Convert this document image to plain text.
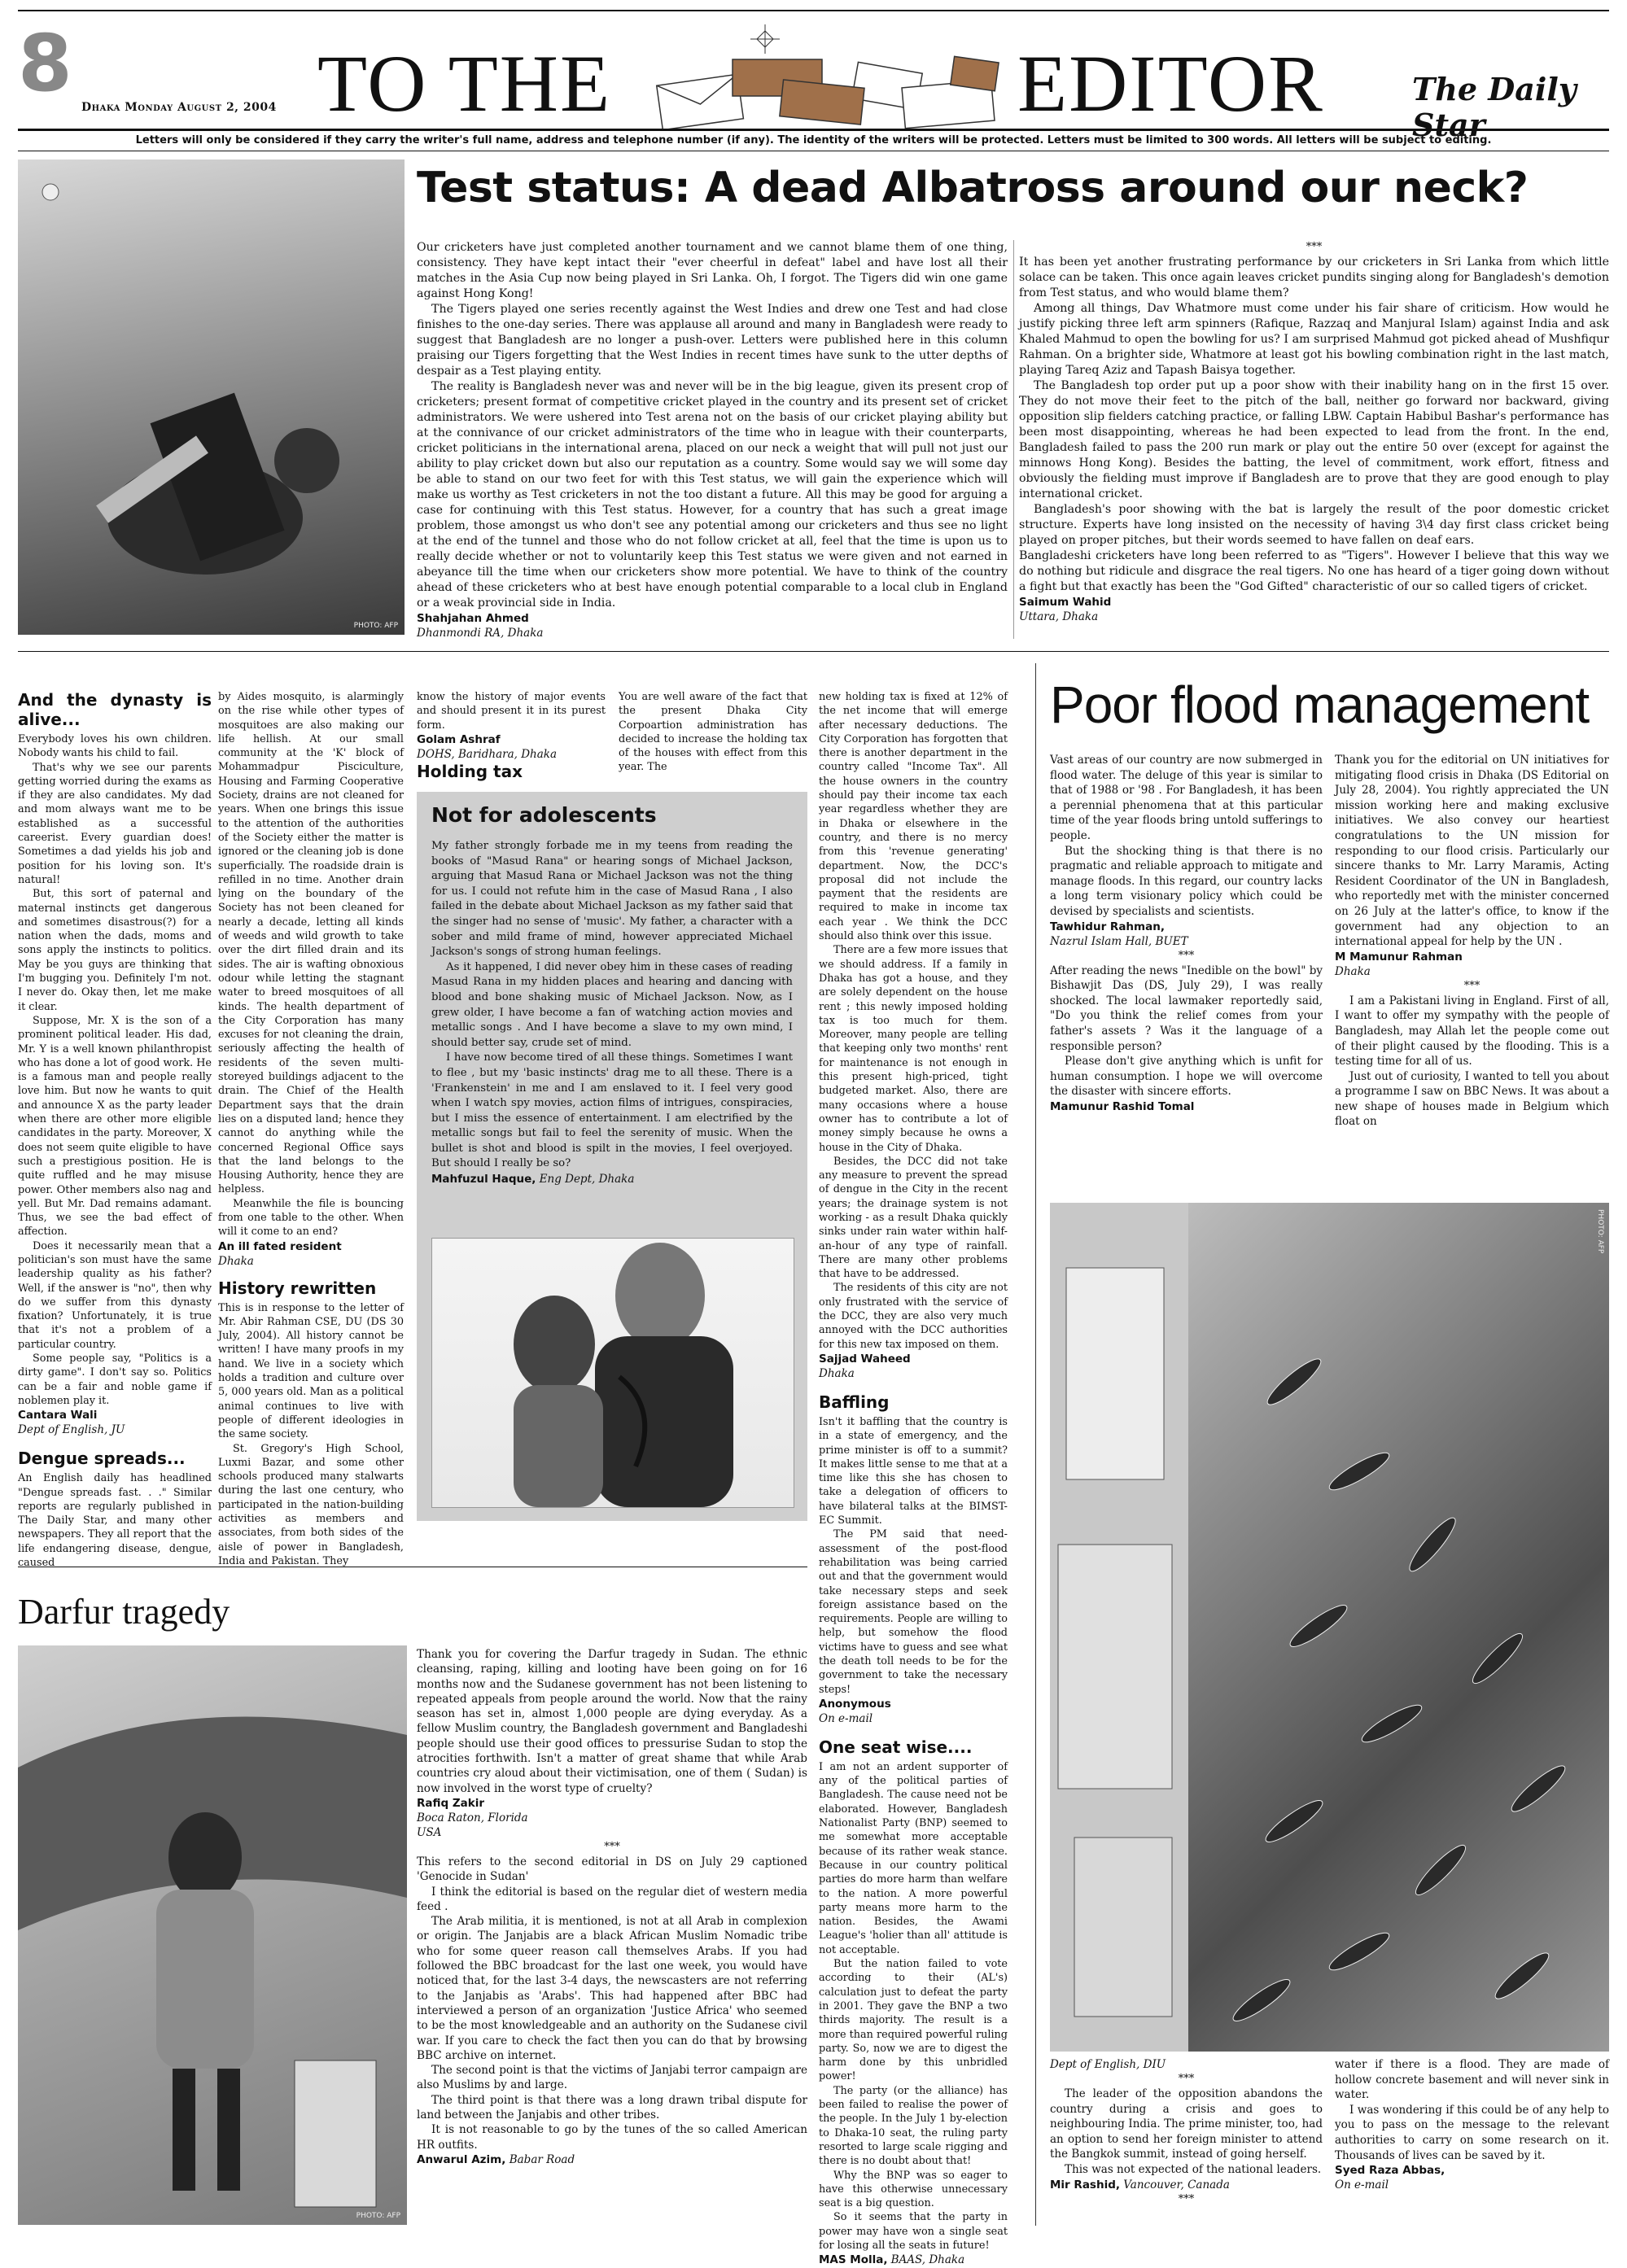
8 Dhaka Monday August 2, 2004 TO THE	EDITOR	The Daily Star
Letters will only be considered if they carry the writer's full name, address and telephone number (if any). The identity of the writers will be protected. Letters must be limited to 300 words. All letters will be subject to editing.
PHOTO: AFP
Test status: A dead Albatross around our neck?

Our cricketers have just completed another tournament and we cannot blame them of one thing, consistency. They have kept intact their "ever cheerful in defeat" label and have lost all their matches in the Asia Cup now being played in Sri Lanka. Oh, I forgot. The Tigers did win one game against Hong Kong!

The Tigers played one series recently against the West Indies and drew one Test and had close finishes to the one-day series. There was applause all around and many in Bangladesh were ready to suggest that Bangladesh are no longer a push-over. Letters were published here in this column praising our Tigers forgetting that the West Indies in recent times have sunk to the utter depths of despair as a Test playing entity.

The reality is Bangladesh never was and never will be in the big league, given its present crop of cricketers; present format of competitive cricket played in the country and its present set of cricket administrators. We were ushered into Test arena not on the basis of our cricket playing ability but at the connivance of our cricket administrators of the time who in league with their counterparts, cricket politicians in the international arena, placed on our neck a weight that will pull not just our ability to play cricket down but also our reputation as a country. Some would say we will some day be able to stand on our two feet for with this Test status, we will gain the experience which will make us worthy as Test cricketers in not the too distant a future. All this may be good for arguing a case for continuing with this Test status. However, for a country that has such a great image problem, those amongst us who don't see any potential among our cricketers and thus see no light at the end of the tunnel and those who do not follow cricket at all, feel that the time is upon us to really decide whether or not to voluntarily keep this Test status we were given and not earned in abeyance till the time when our cricketers show more potential. We have to think of the country ahead of these cricketers who at best have enough potential comparable to a local club in England or a weak provincial side in India.

Shahjahan Ahmed
Dhanmondi RA, Dhaka
***

It has been yet another frustrating performance by our cricketers in Sri Lanka from which little solace can be taken. This once again leaves cricket pundits singing along for Bangladesh's demotion from Test status, and who would blame them?

Among all things, Dav Whatmore must come under his fair share of criticism. How would he justify picking three left arm spinners (Rafique, Razzaq and Manjural Islam) against India and ask Khaled Mahmud to open the bowling for us? I am surprised Mahmud got picked ahead of Mushfiqur Rahman. On a brighter side, Whatmore at least got his bowling combination right in the last match, playing Tareq Aziz and Tapash Baisya together.

The Bangladesh top order put up a poor show with their inability hang on in the first 15 over. They do not move their feet to the pitch of the ball, neither go forward nor backward, giving opposition slip fielders catching practice, or falling LBW. Captain Habibul Bashar's performance has been most disappointing, whereas he had been expected to lead from the front. In the end, Bangladesh failed to pass the 200 run mark or play out the entire 50 over (except for against the minnows Hong Kong). Besides the batting, the level of commitment, work effort, fitness and obviously the fielding must improve if Bangladesh are to prove that they are good enough to play international cricket.

Bangladesh's poor showing with the bat is largely the result of the poor domestic cricket structure. Experts have long insisted on the necessity of having 3\4 day first class cricket being played on proper pitches, but their words seemed to have fallen on deaf ears.

Bangladeshi cricketers have long been referred to as "Tigers". However I believe that this way we do nothing but ridicule and disgrace the real tigers. No one has heard of a tiger going down without a fight but that exactly has been the "God Gifted" characteristic of our so called tigers of cricket.

Saimum Wahid
Uttara, Dhaka
And the dynasty is alive...

Everybody loves his own children. Nobody wants his child to fail.

That's why we see our parents getting worried during the exams as if they are also candidates. My dad and mom always want me to be established as a successful careerist. Every guardian does! Sometimes a dad yields his job and position for his loving son. It's natural!

But, this sort of paternal and maternal instincts get dangerous and sometimes disastrous(?) for a nation when the dads, moms and sons apply the instincts to politics. May be you guys are thinking that I'm bugging you. Definitely I'm not. I never do. Okay then, let me make it clear.

Suppose, Mr. X is the son of a prominent political leader. His dad, Mr. Y is a well known philanthropist who has done a lot of good work. He is a famous man and people really love him. But now he wants to quit and announce X as the party leader when there are other more eligible candidates in the party. Moreover, X does not seem quite eligible to have such a prestigious position. He is quite ruffled and he may misuse power. Other members also nag and yell. But Mr. Dad remains adamant. Thus, we see the bad effect of affection.

Does it necessarily mean that a politician's son must have the same leadership quality as his father? Well, if the answer is "no", then why do we suffer from this dynasty fixation? Unfortunately, it is true that it's not a problem of a particular country.

Some people say, "Politics is a dirty game". I don't say so. Politics can be a fair and noble game if noblemen play it.

Cantara Wali
Dept of English, JU
Dengue spreads...

An English daily has headlined "Dengue spreads fast. . ." Similar reports are regularly published in The Daily Star, and many other newspapers. They all report that the life endangering disease, dengue, caused

by Aides mosquito, is alarmingly on the rise while other types of mosquitoes are also making our life hellish. At our small community at the 'K' block of Mohammadpur Pisciculture, Housing and Farming Cooperative Society, drains are not cleaned for years. When one brings this issue to the attention of the authorities of the Society either the matter is ignored or the cleaning job is done superficially. The roadside drain is refilled in no time. Another drain lying on the boundary of the Society has not been cleaned for nearly a decade, letting all kinds of weeds and wild growth to take over the dirt filled drain and its sides. The air is wafting obnoxious odour while letting the stagnant water to breed mosquitoes of all kinds. The health department of the City Corporation has many excuses for not cleaning the drain, seriously affecting the health of residents of the seven multi-storeyed buildings adjacent to the drain. The Chief of the Health Department says that the drain lies on a disputed land; hence they cannot do anything while the concerned Regional Office says that the land belongs to the Housing Authority, hence they are helpless.

Meanwhile the file is bouncing from one table to the other. When will it come to an end?

An ill fated resident
Dhaka
History rewritten

This is in response to the letter of Mr. Abir Rahman CSE, DU (DS 30 July, 2004). All history cannot be written! I have many proofs in my hand. We live in a society which holds a tradition and culture over 5, 000 years old. Man as a political animal continues to live with people of different ideologies in the same society.

St. Gregory's High School, Luxmi Bazar, and some other schools produced many stalwarts during the last one century, who participated in the nation-building activities as members and associates, from both sides of the aisle of power in Bangladesh, India and Pakistan. They

know the history of major events and should present it in its purest form.

Golam Ashraf
DOHS, Baridhara, Dhaka
Holding tax

You are well aware of the fact that the present Dhaka City Corpoartion administration has decided to increase the holding tax of the houses with effect from this year. The

Not for adolescents

My father strongly forbade me in my teens from reading the books of "Masud Rana" or hearing songs of Michael Jackson, arguing that Masud Rana or Michael Jackson was not the thing for us. I could not refute him in the case of Masud Rana , I also failed in the debate about Michael Jackson as my father said that the singer had no sense of 'music'. My father, a character with a sober and mild frame of mind, however appreciated Michael Jackson's songs of strong human feelings.

As it happened, I did never obey him in these cases of reading Masud Rana in my hidden places and hearing and dancing with blood and bone shaking music of Michael Jackson. Now, as I grew older, I have become a fan of watching action movies and metallic songs . And I have become a slave to my own mind, I should better say, crude set of mind.

I have now become tired of all these things. Sometimes I want to flee , but my 'basic instincts' drag me to all these. There is a 'Frankenstein' in me and I am enslaved to it. I feel very good when I watch spy movies, action films of intrigues, conspiracies, but I miss the essence of entertainment. I am electrified by the metallic songs but fail to feel the serenity of music. When the bullet is shot and blood is spilt in the movies, I feel overjoyed. But should I really be so?

Mahfuzul Haque, Eng Dept, Dhaka

new holding tax is fixed at 12% of the net income that will emerge after necessary deductions. The City Corporation has forgotten that there is another department in the country called "Income Tax". All the house owners in the country should pay their income tax each year regardless whether they are in Dhaka or elsewhere in the country, and there is no mercy from this 'revenue generating' department. Now, the DCC's proposal did not include the payment that the residents are required to make in income tax each year . We think the DCC should also think over this issue.

There are a few more issues that we should address. If a family in Dhaka has got a house, and they are solely dependent on the house rent ; this newly imposed holding tax is too much for them. Moreover, many people are telling that keeping only two months' rent for maintenance is not enough in this present high-priced, tight budgeted market. Also, there are many occasions where a house owner has to contribute a lot of money simply because he owns a house in the City of Dhaka.

Besides, the DCC did not take any measure to prevent the spread of dengue in the City in the recent years; the drainage system is not working - as a result Dhaka quickly sinks under rain water within half-an-hour of any type of rainfall. There are many other problems that have to be addressed.

The residents of this city are not only frustrated with the service of the DCC, they are also very much annoyed with the DCC authorities for this new tax imposed on them.

Sajjad Waheed
Dhaka
Baffling

Isn't it baffling that the country is in a state of emergency, and the prime minister is off to a summit? It makes little sense to me that at a time like this she has chosen to take a delegation of officers to have bilateral talks at the BIMST-EC Summit.

The PM said that need-assessment of the post-flood rehabilitation was being carried out and that the government would take necessary steps and seek foreign assistance based on the requirements. People are willing to help, but somehow the flood victims have to guess and see what the death toll needs to be for the government to take the necessary steps!

Anonymous
On e-mail
One seat wise....

I am not an ardent supporter of any of the political parties of Bangladesh. The cause need not be elaborated. However, Bangladesh Nationalist Party (BNP) seemed to me somewhat more acceptable because of its rather weak stance. Because in our country political parties do more harm than welfare to the nation. A more powerful party means more harm to the nation. Besides, the Awami League's 'holier than all' attitude is not acceptable.

But the nation failed to vote according to their (AL's) calculation just to defeat the party in 2001. They gave the BNP a two thirds majority. The result is a more than required powerful ruling party. So, now we are to digest the harm done by this unbridled power!

The party (or the alliance) has been failed to realise the power of the people. In the July 1 by-election to Dhaka-10 seat, the ruling party resorted to large scale rigging and there is no doubt about that!

Why the BNP was so eager to have this otherwise unnecessary seat is a big question.

So it seems that the party in power may have won a single seat for losing all the seats in future!

MAS Molla, BAAS, Dhaka
Darfur tragedy
PHOTO: AFP

Thank you for covering the Darfur tragedy in Sudan. The ethnic cleansing, raping, killing and looting have been going on for 16 months now and the Sudanese government has not been listening to repeated appeals from people around the world. Now that the rainy season has set in, almost 1,000 people are dying everyday. As a fellow Muslim country, the Bangladesh government and Bangladeshi people should use their good offices to pressurise Sudan to stop the atrocities forthwith. Isn't a matter of great shame that while Arab countries cry aloud about their victimisation, one of them ( Sudan) is now involved in the worst type of cruelty?

Rafiq Zakir
Boca Raton, Florida
USA
***

This refers to the second editorial in DS on July 29 captioned 'Genocide in Sudan'

I think the editorial is based on the regular diet of western media feed .

The Arab militia, it is mentioned, is not at all Arab in complexion or origin. The Janjabis are a black African Muslim Nomadic tribe who for some queer reason call themselves Arabs. If you had followed the BBC broadcast for the last one week, you would have noticed that, for the last 3-4 days, the newscasters are not referring to the Janjabis as 'Arabs'. This had happened after BBC had interviewed a person of an organization 'Justice Africa' who seemed to be the most knowledgeable and an authority on the Sudanese civil war. If you care to check the fact then you can do that by browsing BBC archive on internet.

The second point is that the victims of Janjabi terror campaign are also Muslims by and large.

The third point is that there was a long drawn tribal dispute for land between the Janjabis and other tribes.

It is not reasonable to go by the tunes of the so called American HR outfits.

Anwarul Azim, Babar Road
Poor flood management

Vast areas of our country are now submerged in flood water. The deluge of this year is similar to that of 1988 or '98 . For Bangladesh, it has been a perennial phenomena that at this particular time of the year floods bring untold sufferings to people.

But the shocking thing is that there is no pragmatic and reliable approach to mitigate and manage floods. In this regard, our country lacks a long term visionary policy which could be devised by specialists and scientists.

Tawhidur Rahman,
Nazrul Islam Hall, BUET
***

After reading the news "Inedible on the bowl" by Bishawjit Das (DS, July 29), I was really shocked. The local lawmaker reportedly said, "Do you think the relief comes from your father's assets ? Was it the language of a responsible person?

Please don't give anything which is unfit for human consumption. I hope we will overcome the disaster with sincere efforts.

Mamunur Rashid Tomal

Thank you for the editorial on UN initiatives for mitigating flood crisis in Dhaka (DS Editorial on July 28, 2004). You rightly appreciated the UN mission working here and making exclusive initiatives. We also convey our heartiest congratulations to the UN mission for responding to our flood crisis. Particularly our sincere thanks to Mr. Larry Maramis, Acting Resident Coordinator of the UN in Bangladesh, who reportedly met with the minister concerned on 26 July at the latter's office, to know if the government had any objection to an international appeal for help by the UN .

M Mamunur Rahman
Dhaka
***

I am a Pakistani living in England. First of all, I want to offer my sympathy with the people of Bangladesh, may Allah let the people come out of their plight caused by the flooding. This is a testing time for all of us.

Just out of curiosity, I wanted to tell you about a programme I saw on BBC News. It was about a new shape of houses made in Belgium which float on

PHOTO: AFP
Dept of English, DIU
***

The leader of the opposition abandons the country during a crisis and goes to neighbouring India. The prime minister, too, had an option to send her foreign minister to attend the Bangkok summit, instead of going herself.

This was not expected of the national leaders.

Mir Rashid, Vancouver, Canada
***

water if there is a flood. They are made of hollow concrete basement and will never sink in water.

I was wondering if this could be of any help to you to pass on the message to the relevant authorities to carry on some research on it. Thousands of lives can be saved by it.

Syed Raza Abbas,
On e-mail
